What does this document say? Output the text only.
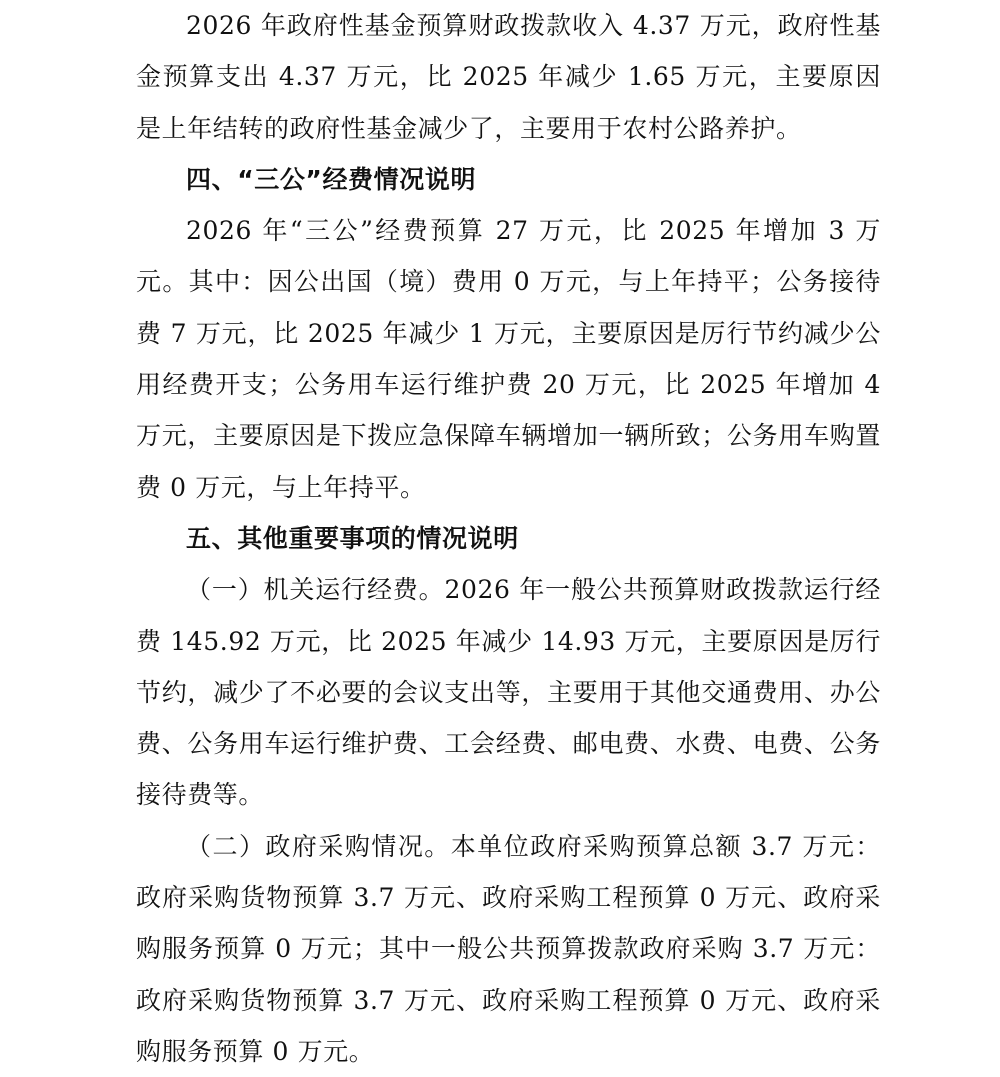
2026 年政府性基金预算财政拨款收入 4.37 万元，政府性基金预算支出 4.37 万元，比 2025 年减少 1.65 万元，主要原因是上年结转的政府性基金减少了，主要用于农村公路养护。

四、“三公”经费情况说明

2026 年“三公”经费预算 27 万元，比 2025 年增加 3 万元。其中：因公出国（境）费用 0 万元，与上年持平；公务接待费 7 万元，比 2025 年减少 1 万元，主要原因是厉行节约减少公用经费开支；公务用车运行维护费 20 万元，比 2025 年增加 4 万元，主要原因是下拨应急保障车辆增加一辆所致；公务用车购置费 0 万元，与上年持平。

五、其他重要事项的情况说明

（一）机关运行经费。2026 年一般公共预算财政拨款运行经费 145.92 万元，比 2025 年减少 14.93 万元，主要原因是厉行节约，减少了不必要的会议支出等，主要用于其他交通费用、办公费、公务用车运行维护费、工会经费、邮电费、水费、电费、公务接待费等。

（二）政府采购情况。本单位政府采购预算总额 3.7 万元：政府采购货物预算 3.7 万元、政府采购工程预算 0 万元、政府采购服务预算 0 万元；其中一般公共预算拨款政府采购 3.7 万元：政府采购货物预算 3.7 万元、政府采购工程预算 0 万元、政府采购服务预算 0 万元。
